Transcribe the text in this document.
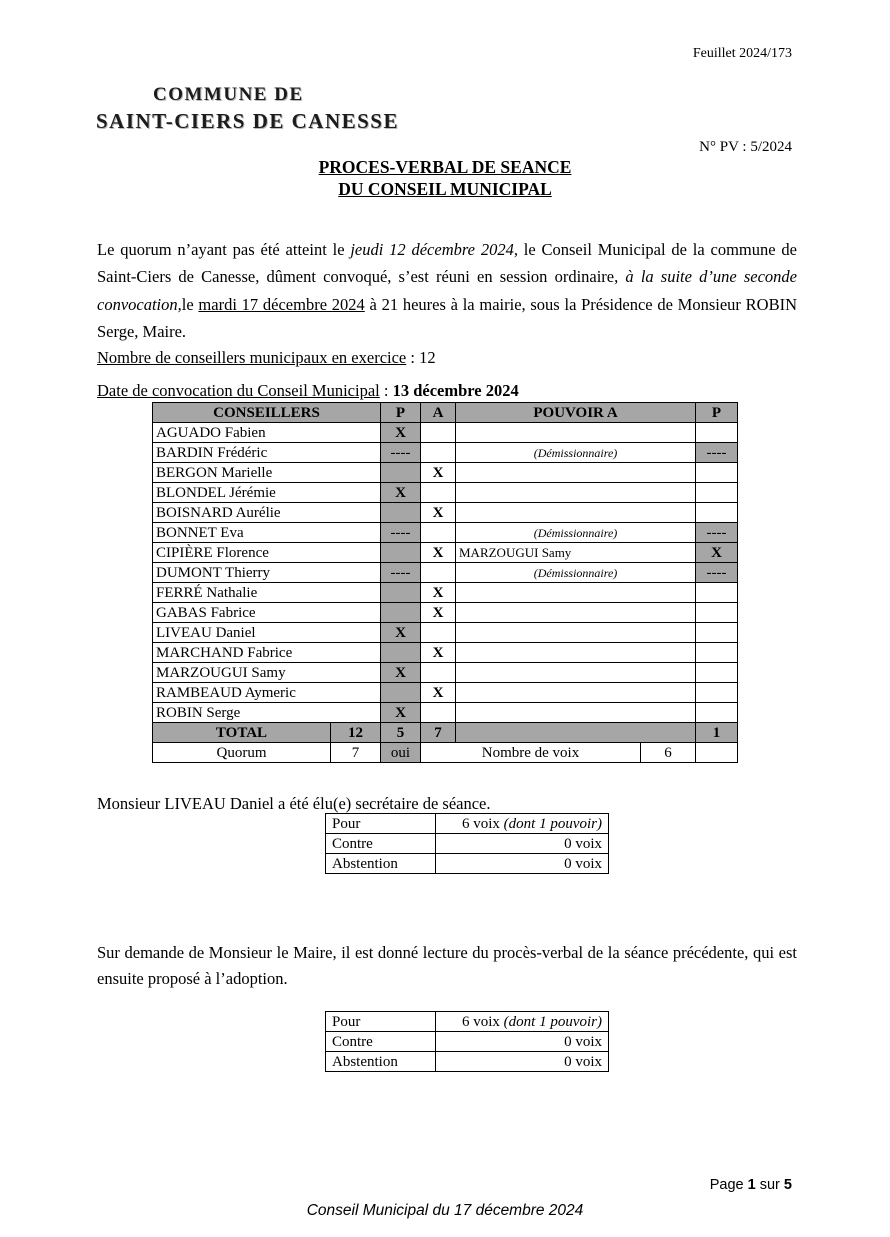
Feuillet 2024/173
COMMUNE DE
SAINT-CIERS DE CANESSE
N° PV : 5/2024
PROCES-VERBAL DE SEANCE
DU CONSEIL MUNICIPAL

Le quorum n’ayant pas été atteint le jeudi 12 décembre 2024, le Conseil Municipal de la commune de Saint-Ciers de Canesse, dûment convoqué, s’est réuni en session ordinaire, à la suite d’une seconde convocation,le mardi 17 décembre 2024 à 21 heures à la mairie, sous la Présidence de Monsieur ROBIN Serge, Maire.

Nombre de conseillers municipaux en exercice : 12

Date de convocation du Conseil Municipal : 13 décembre 2024

CONSEILLERS		P	A	POUVOIR A		P
AGUADO Fabien		X				
BARDIN Frédéric		----		(Démissionnaire)		----
BERGON Marielle			X			
BLONDEL Jérémie		X				
BOISNARD Aurélie			X			
BONNET Eva		----		(Démissionnaire)		----
CIPIÈRE Florence			X	MARZOUGUI Samy		X
DUMONT Thierry		----		(Démissionnaire)		----
FERRÉ Nathalie			X			
GABAS Fabrice			X			
LIVEAU Daniel		X				
MARCHAND Fabrice			X			
MARZOUGUI Samy		X				
RAMBEAUD Aymeric			X			
ROBIN Serge		X				
TOTAL	12	5	7			1
Quorum	7	oui	Nombre de voix		6	

Monsieur LIVEAU Daniel a été élu(e) secrétaire de séance.

Pour	6 voix (dont 1 pouvoir)
Contre	0 voix
Abstention	0 voix

Sur demande de Monsieur le Maire, il est donné lecture du procès-verbal de la séance précédente, qui est ensuite proposé à l’adoption.

Pour	6 voix (dont 1 pouvoir)
Contre	0 voix
Abstention	0 voix
Page 1 sur 5
Conseil Municipal du 17 décembre 2024
